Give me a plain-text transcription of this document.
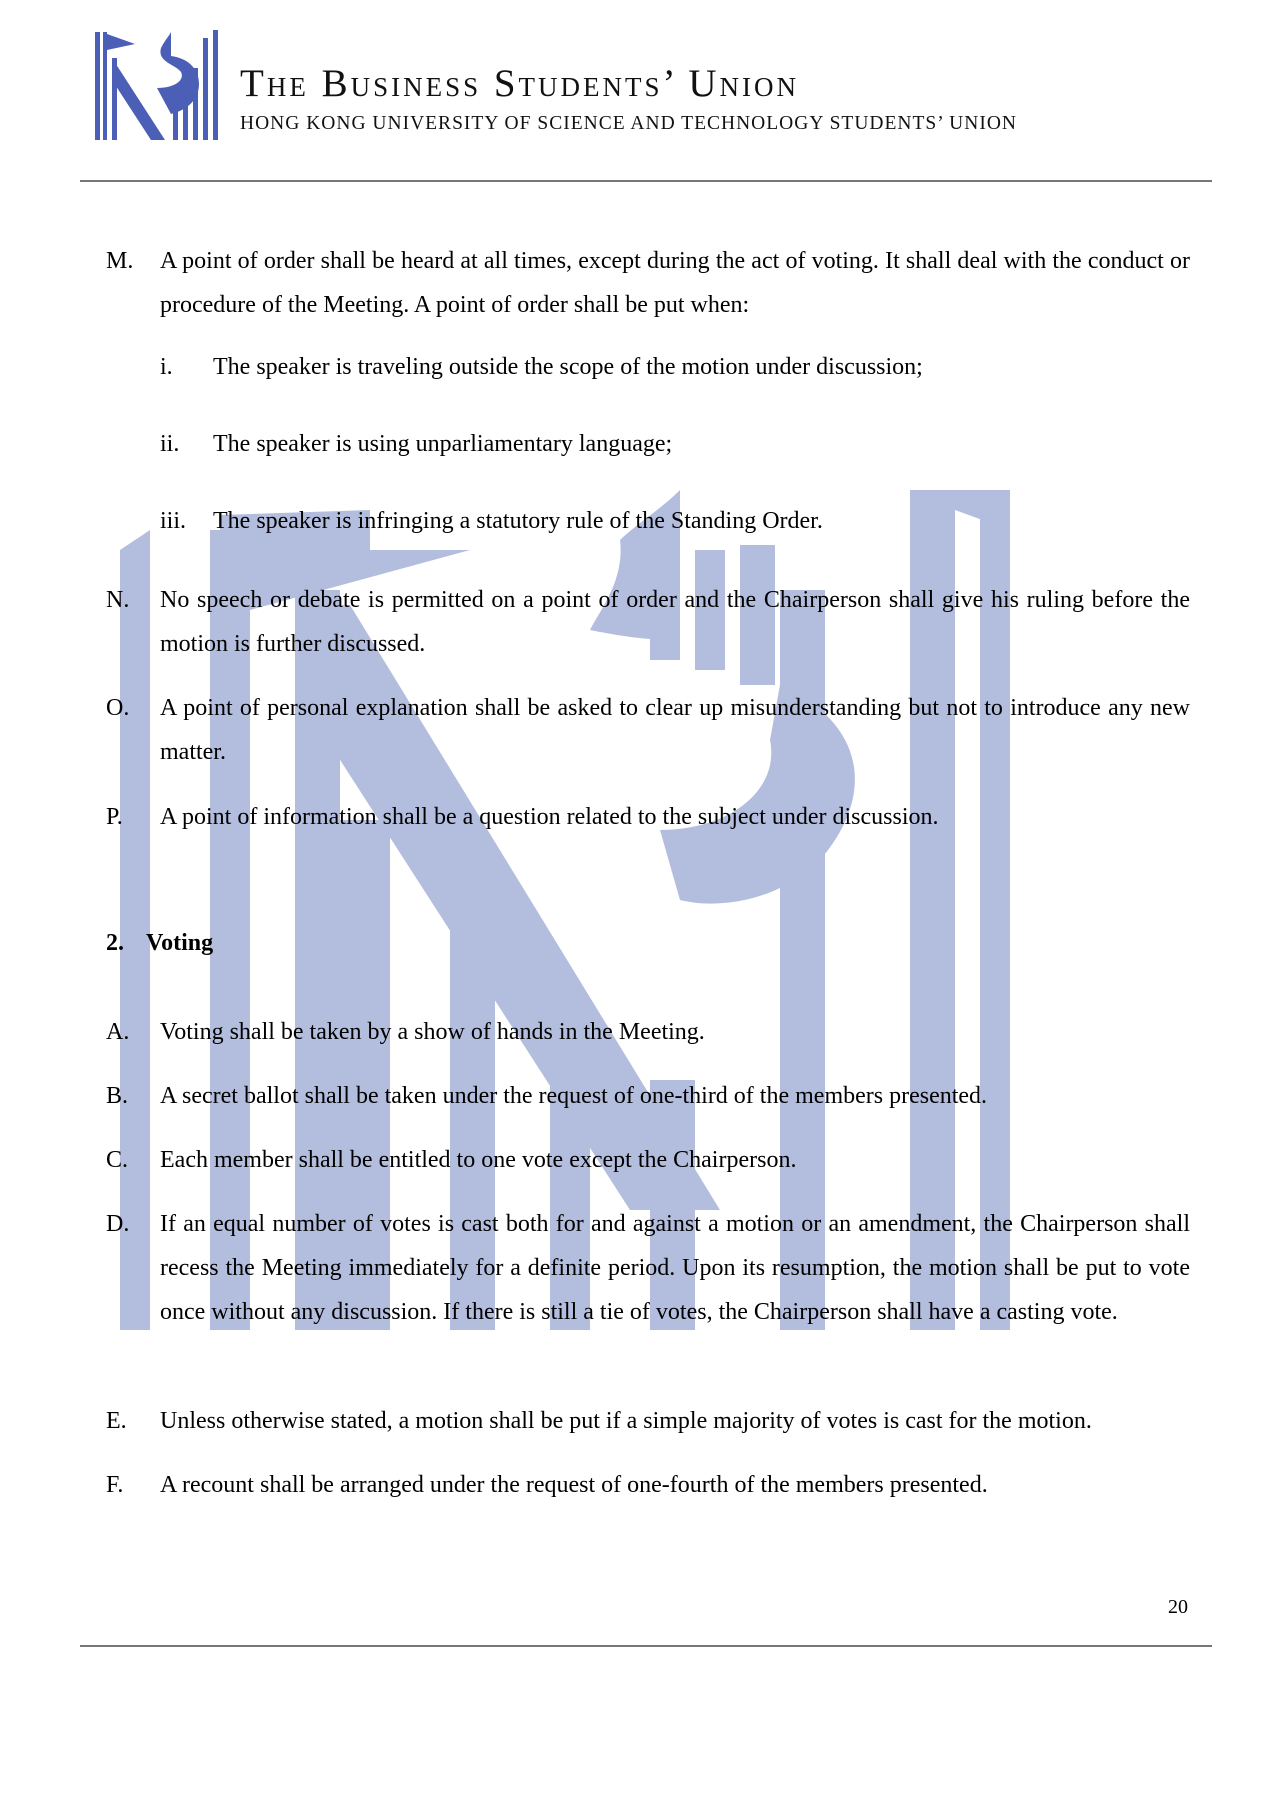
The Business Students’ Union
HONG KONG UNIVERSITY OF SCIENCE AND TECHNOLOGY STUDENTS’ UNION
M. A point of order shall be heard at all times, except during the act of voting. It shall deal with the conduct or procedure of the Meeting. A point of order shall be put when:
i. The speaker is traveling outside the scope of the motion under discussion;
ii. The speaker is using unparliamentary language;
iii. The speaker is infringing a statutory rule of the Standing Order.
N. No speech or debate is permitted on a point of order and the Chairperson shall give his ruling before the motion is further discussed.
O. A point of personal explanation shall be asked to clear up misunderstanding but not to introduce any new matter.
P. A point of information shall be a question related to the subject under discussion.
2. Voting
A. Voting shall be taken by a show of hands in the Meeting.
B. A secret ballot shall be taken under the request of one-third of the members presented.
C. Each member shall be entitled to one vote except the Chairperson.
D. If an equal number of votes is cast both for and against a motion or an amendment, the Chairperson shall recess the Meeting immediately for a definite period. Upon its resumption, the motion shall be put to vote once without any discussion. If there is still a tie of votes, the Chairperson shall have a casting vote.
E. Unless otherwise stated, a motion shall be put if a simple majority of votes is cast for the motion.
F. A recount shall be arranged under the request of one-fourth of the members presented.
20
